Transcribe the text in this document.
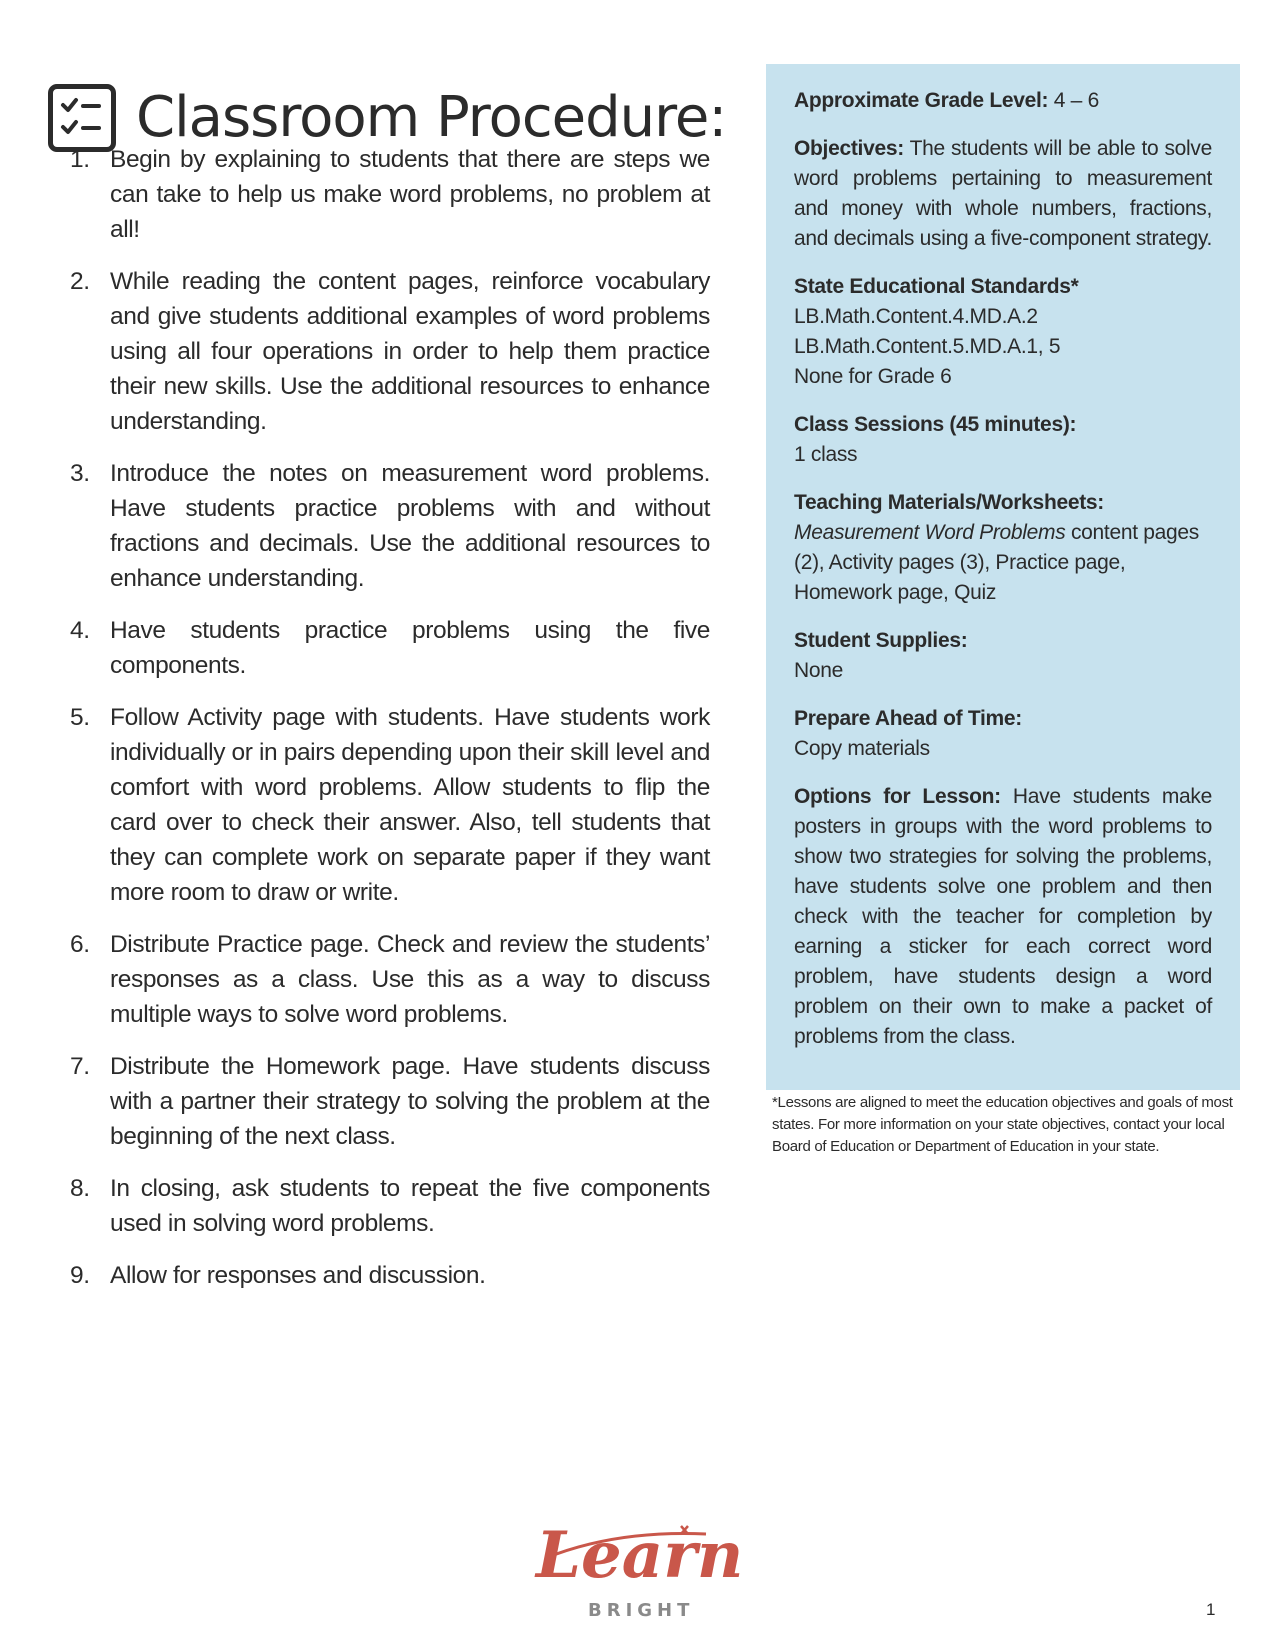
Classroom Procedure:
1. Begin by explaining to students that there are steps we can take to help us make word problems, no problem at all!
2. While reading the content pages, reinforce vocabulary and give students additional examples of word problems using all four operations in order to help them practice their new skills. Use the additional resources to enhance understanding.
3. Introduce the notes on measurement word problems. Have students practice problems with and without fractions and decimals. Use the additional resources to enhance understanding.
4. Have students practice problems using the five components.
5. Follow Activity page with students. Have students work individually or in pairs depending upon their skill level and comfort with word problems. Allow students to flip the card over to check their answer. Also, tell students that they can complete work on separate paper if they want more room to draw or write.
6. Distribute Practice page. Check and review the students’ responses as a class. Use this as a way to discuss multiple ways to solve word problems.
7. Distribute the Homework page. Have students discuss with a partner their strategy to solving the problem at the beginning of the next class.
8. In closing, ask students to repeat the five components used in solving word problems.
9. Allow for responses and discussion.
Approximate Grade Level: 4 – 6
Objectives: The students will be able to solve word problems pertaining to measurement and money with whole numbers, fractions, and decimals using a five-component strategy.

State Educational Standards*

LB.Math.Content.4.MD.A.2

LB.Math.Content.5.MD.A.1, 5

None for Grade 6

Class Sessions (45 minutes):

1 class

Teaching Materials/Worksheets:

Measurement Word Problems content pages (2), Activity pages (3), Practice page, Homework page, Quiz

Student Supplies:

None

Prepare Ahead of Time:

Copy materials

Options for Lesson: Have students make posters in groups with the word problems to show two strategies for solving the problems, have students solve one problem and then check with the teacher for completion by earning a sticker for each correct word problem, have students design a word problem on their own to make a packet of problems from the class.
*Lessons are aligned to meet the education objectives and goals of most states. For more information on your state objectives, contact your local Board of Education or Department of Education in your state.
Learn
BRIGHT	1
